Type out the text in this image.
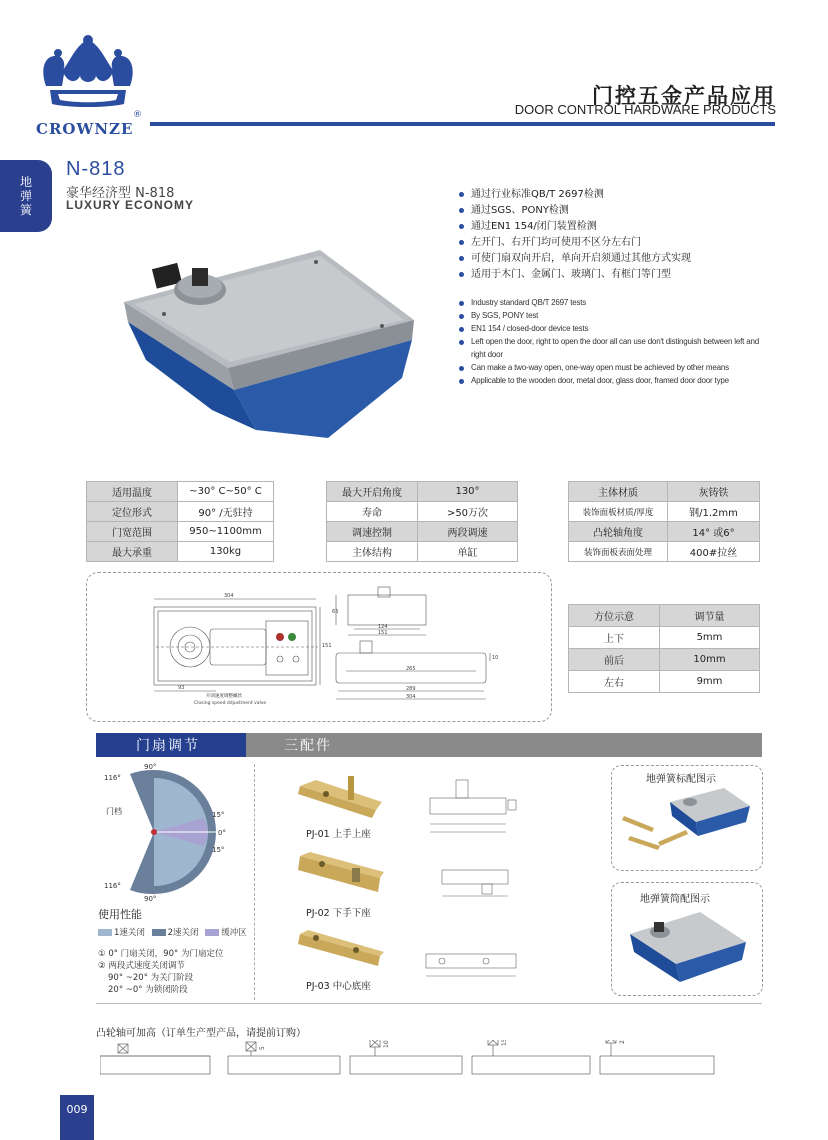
CROWNZE
®
门控五金产品应用
DOOR CONTROL HARDWARE PRODUCTS
地弹簧
N-818
豪华经济型 N-818
LUXURY ECONOMY
通过行业标准QB/T 2697检测
通过SGS、PONY检测
通过EN1 154/闭门装置检测
左开门、右开门均可使用不区分左右门
可使门扇双向开启，单向开启须通过其他方式实现
适用于木门、金属门、玻璃门、有框门等门型
Industry standard QB/T 2697 tests
By SGS, PONY test
EN1 154 / closed-door device tests
Left open the door, right to open the door all can use don't distinguish between left and right door
Can make a two-way open, one-way open must be achieved by other means
Applicable to the wooden door, metal door, glass door, framed door door type
适用温度	~30° C~50° C
定位形式	90° /无驻持
门宽范围	950~1100mm
最大承重	130kg
最大开启角度	130°
寿命	>50万次
调速控制	两段调速
主体结构	单缸
主体材质	灰铸铁
装饰面板材质/厚度	钢/1.2mm
凸轮轴角度	14° 或6°
装饰面板表面处理	400#拉丝
304
93
151
开闭速度调整螺丝
Closing speed ddjustment valve
63
124
151
10
265
289
304
方位示意	调节量
上下	5mm
前后	10mm
左右	9mm
门扇调节	三配件
90°
116°
15°
0°
15°
116°
90°
门档
使用性能
1速关闭	2速关闭	缓冲区
① 0° 门扇关闭，90° 为门扇定位
② 两段式速度关闭调节
90° ~20° 为关门阶段
20° ~0° 为锁闭阶段
PJ-01 上手上座
PJ-02 下手下座
PJ-03 中心底座
地弹簧标配图示
地弹簧简配图示
凸轮轴可加高（订单生产型产品，请提前订购）
5
10	15	20
009
